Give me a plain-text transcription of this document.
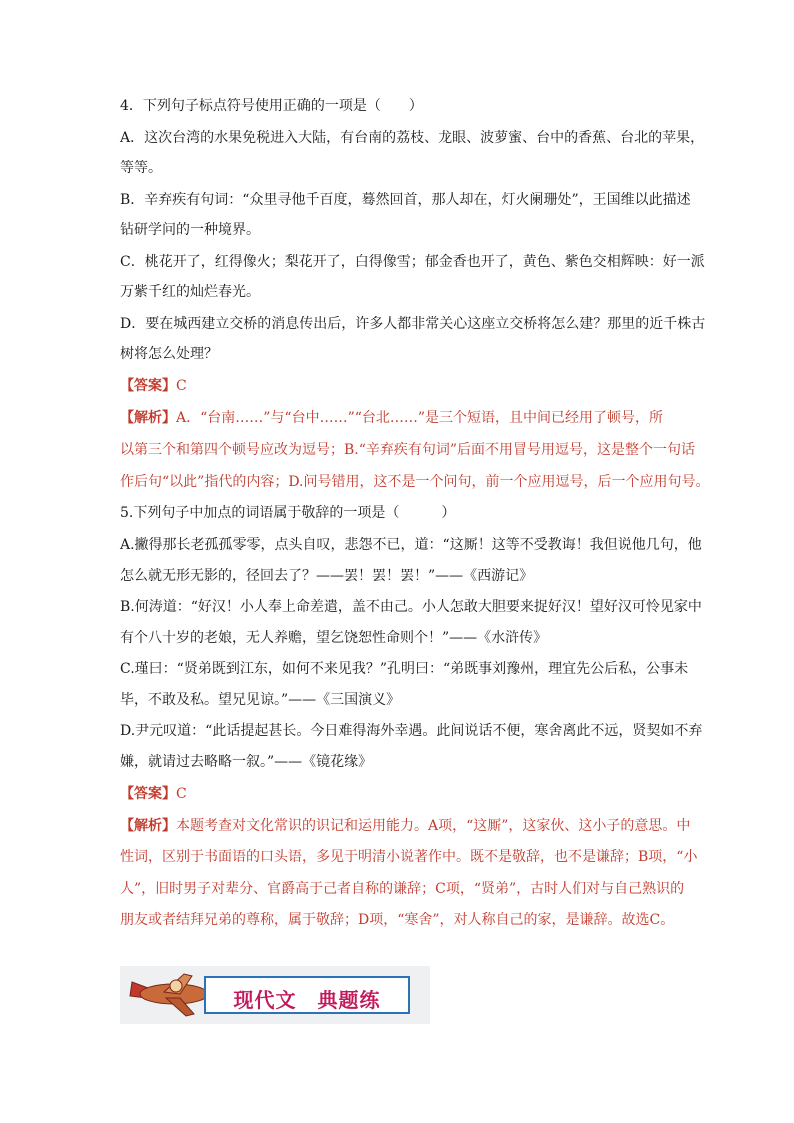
4．下列句子标点符号使用正确的一项是（　　）
A．这次台湾的水果免税进入大陆，有台南的荔枝、龙眼、波萝蜜、台中的香蕉、台北的苹果，
等等。
B．辛弃疾有句词：“众里寻他千百度，蓦然回首，那人却在，灯火阑珊处”，王国维以此描述
钻研学问的一种境界。
C．桃花开了，红得像火；梨花开了，白得像雪；郁金香也开了，黄色、紫色交相辉映：好一派
万紫千红的灿烂春光。
D．要在城西建立交桥的消息传出后，许多人都非常关心这座立交桥将怎么建？那里的近千株古
树将怎么处理？
【答案】C
【解析】A．“台南……”与“台中……”“台北……”是三个短语，且中间已经用了顿号，所
以第三个和第四个顿号应改为逗号；B.“辛弃疾有句词”后面不用冒号用逗号，这是整个一句话
作后句“以此”指代的内容；D.问号错用，这不是一个问句，前一个应用逗号，后一个应用句号。
5.下列句子中加点的词语属于敬辞的一项是（　　　）
A.撇得那长老孤孤零零，点头自叹，悲怨不已，道：“这厮！这等不受教诲！我但说他几句，他
怎么就无形无影的，径回去了？——罢！罢！罢！”——《西游记》
B.何涛道：“好汉！小人奉上命差遣，盖不由己。小人怎敢大胆要来捉好汉！望好汉可怜见家中
有个八十岁的老娘，无人养赡，望乞饶恕性命则个！”——《水浒传》
C.瑾曰：“贤弟既到江东，如何不来见我？”孔明曰：“弟既事刘豫州，理宜先公后私，公事未
毕，不敢及私。望兄见谅。”——《三国演义》
D.尹元叹道：“此话提起甚长。今日难得海外幸遇。此间说话不便，寒舍离此不远，贤契如不弃
嫌，就请过去略略一叙。”——《镜花缘》
【答案】C
【解析】本题考查对文化常识的识记和运用能力。A项，“这厮”，这家伙、这小子的意思。中
性词，区别于书面语的口头语，多见于明清小说著作中。既不是敬辞，也不是谦辞；B项，“小
人”，旧时男子对辈分、官爵高于己者自称的谦辞；C项，“贤弟”，古时人们对与自己熟识的
朋友或者结拜兄弟的尊称，属于敬辞；D项，“寒舍”，对人称自己的家，是谦辞。故选C。
现代文　典题练
